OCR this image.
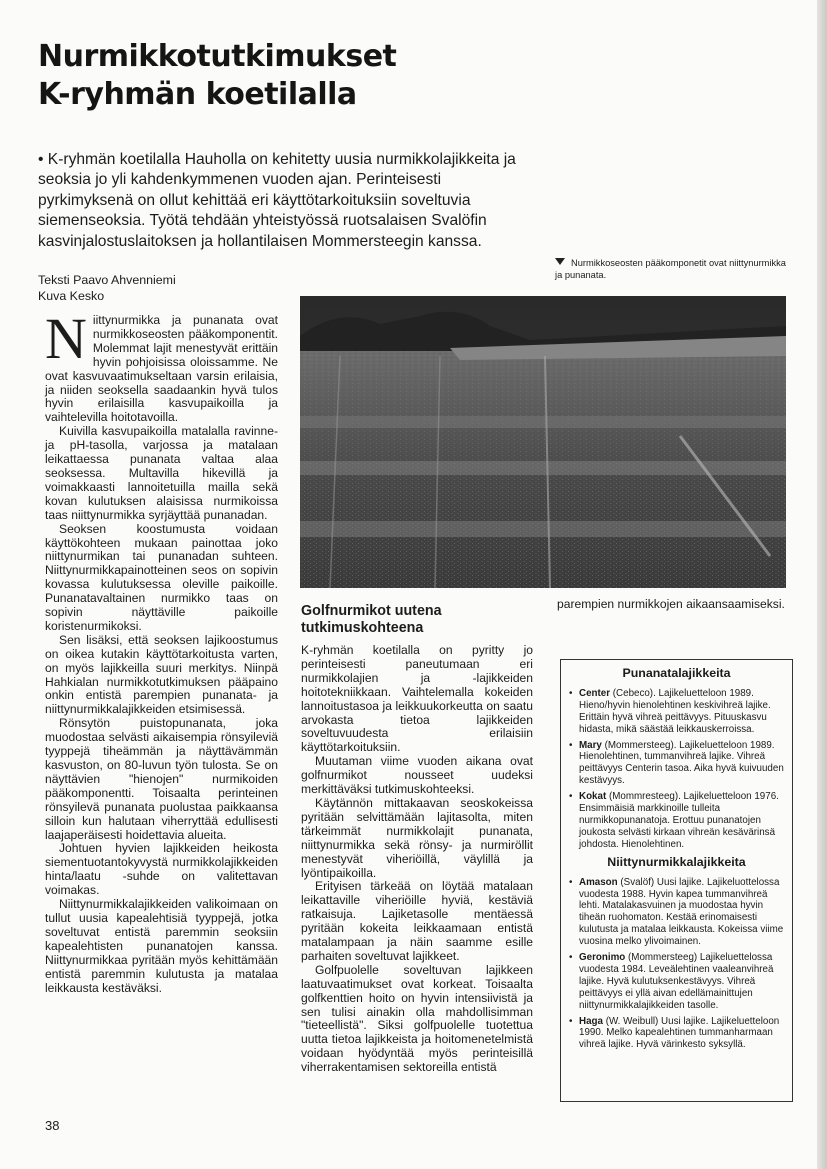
Nurmikkotutkimukset
K-ryhmän koetilalla

• K-ryhmän koetilalla Hauholla on kehitetty uusia nurmikkolajikkeita ja seoksia jo yli kahdenkymmenen vuoden ajan. Perinteisesti pyrkimyksenä on ollut kehittää eri käyttötarkoituksiin soveltuvia siemenseoksia. Työtä tehdään yhteistyössä ruotsalaisen Svalöfin kasvinjalostuslaitoksen ja hollantilaisen Mommersteegin kanssa.

Teksti Paavo Ahvenniemi
Kuva Kesko

Nurmikkoseosten pääkomponetit ovat niittynurmikka ja punanata.

Niittynurmikka ja punanata ovat nurmikkoseosten pääkomponentit. Molemmat lajit menestyvät erittäin hyvin pohjoisissa oloissamme. Ne ovat kasvuvaatimukseltaan varsin erilaisia, ja niiden seoksella saadaankin hyvä tulos hyvin erilaisilla kasvupaikoilla ja vaihtelevilla hoitotavoilla.

Kuivilla kasvupaikoilla matalalla ravinne- ja pH-tasolla, varjossa ja matalaan leikattaessa punanata valtaa alaa seoksessa. Multavilla hikevillä ja voimakkaasti lannoitetuilla mailla sekä kovan kulutuksen alaisissa nurmikoissa taas niittynurmikka syrjäyttää punanadan.

Seoksen koostumusta voidaan käyttökohteen mukaan painottaa joko niittynurmikan tai punanadan suhteen. Niittynurmikkapainotteinen seos on sopivin kovassa kulutuksessa oleville paikoille. Punanatavaltainen nurmikko taas on sopivin näyttäville paikoille koristenurmikoksi.

Sen lisäksi, että seoksen lajikoostumus on oikea kutakin käyttötarkoitusta varten, on myös lajikkeilla suuri merkitys. Niinpä Hahkialan nurmikkotutkimuksen pääpaino onkin entistä parempien punanata- ja niittynurmikkalajikkeiden etsimisessä.

Rönsytön puistopunanata, joka muodostaa selvästi aikaisempia rönsyileviä tyyppejä tiheämmän ja näyttävämmän kasvuston, on 80-luvun työn tulosta. Se on näyttävien "hienojen" nurmikoiden pääkomponentti. Toisaalta perinteinen rönsyilevä punanata puolustaa paikkaansa silloin kun halutaan viherryttää edullisesti laajaperäisesti hoidettavia alueita.

Johtuen hyvien lajikkeiden heikosta siementuotantokyvystä nurmikkolajikkeiden hinta/laatu -suhde on valitettavan voimakas.

Niittynurmikkalajikkeiden valikoimaan on tullut uusia kapealehtisiä tyyppejä, jotka soveltuvat entistä paremmin seoksiin kapealehtisten punanatojen kanssa. Niittynurmikkaa pyritään myös kehittämään entistä paremmin kulutusta ja matalaa leikkausta kestäväksi.

Golfnurmikot uutena tutkimuskohteena

K-ryhmän koetilalla on pyritty jo perinteisesti paneutumaan eri nurmikkolajien ja -lajikkeiden hoitotekniikkaan. Vaihtelemalla kokeiden lannoitustasoa ja leikkuukorkeutta on saatu arvokasta tietoa lajikkeiden soveltuvuudesta erilaisiin käyttötarkoituksiin.

Muutaman viime vuoden aikana ovat golfnurmikot nousseet uudeksi merkittäväksi tutkimuskohteeksi.

Käytännön mittakaavan seoskokeissa pyritään selvittämään lajitasolta, miten tärkeimmät nurmikkolajit punanata, niittynurmikka sekä rönsy- ja nurmiröllit menestyvät viheriöillä, väylillä ja lyöntipaikoilla.

Erityisen tärkeää on löytää matalaan leikattaville viheriöille hyviä, kestäviä ratkaisuja. Lajiketasolle mentäessä pyritään kokeita leikkaamaan entistä matalampaan ja näin saamme esille parhaiten soveltuvat lajikkeet.

Golfpuolelle soveltuvan lajikkeen laatuvaatimukset ovat korkeat. Toisaalta golfkenttien hoito on hyvin intensiivistä ja sen tulisi ainakin olla mahdollisimman "tieteellistä". Siksi golfpuolelle tuotettua uutta tietoa lajikkeista ja hoitomenetelmistä voidaan hyödyntää myös perinteisillä viherrakentamisen sektoreilla entistä

parempien nurmikkojen aikaansaamiseksi.

Punanatalajikkeita
• Center (Cebeco). Lajikeluetteloon 1989. Hieno/hyvin hienolehtinen keskivihreä lajike. Erittäin hyvä vihreä peittävyys. Pituuskasvu hidasta, mikä säästää leikkauskerroissa.
• Mary (Mommersteeg). Lajikeluetteloon 1989. Hienolehtinen, tummanvihreä lajike. Vihreä peittävyys Centerin tasoa. Aika hyvä kuivuuden kestävyys.
• Kokat (Mommresteeg). Lajikeluetteloon 1976. Ensimmäisiä markkinoille tulleita nurmikkopunanatoja. Erottuu punanatojen joukosta selvästi kirkaan vihreän kesävärinsä johdosta. Hienolehtinen.
Niittynurmikkalajikkeita
• Amason (Svalöf) Uusi lajike. Lajikeluottelossa vuodesta 1988. Hyvin kapea tummanvihreä lehti. Matalakasvuinen ja muodostaa hyvin tiheän ruohomaton. Kestää erinomaisesti kulutusta ja matalaa leikkausta. Kokeissa viime vuosina melko ylivoimainen.
• Geronimo (Mommersteeg) Lajikeluettelossa vuodesta 1984. Leveälehtinen vaaleanvihreä lajike. Hyvä kulutuksenkestävyys. Vihreä peittävyys ei yllä aivan edellämainittujen niittynurmikkalajikkeiden tasolle.
• Haga (W. Weibull) Uusi lajike. Lajikeluetteloon 1990. Melko kapealehtinen tummanharmaan vihreä lajike. Hyvä värinkesto syksyllä.
38
